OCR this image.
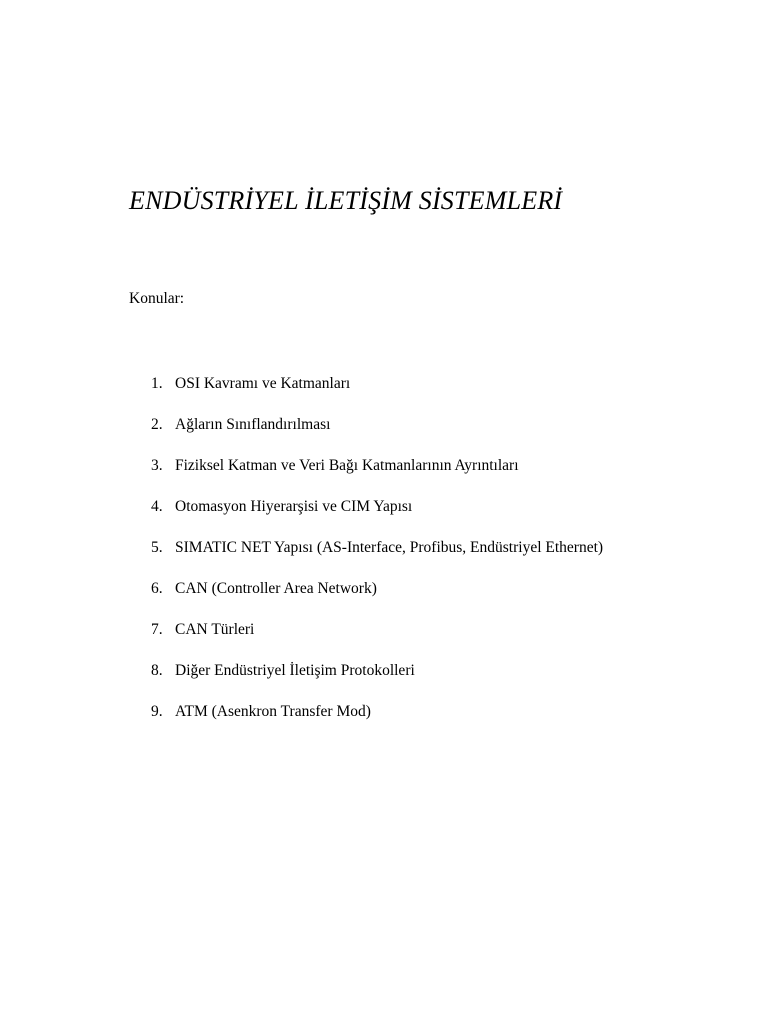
ENDÜSTRİYEL İLETİŞİM SİSTEMLERİ

Konular:

1. OSI Kavramı ve Katmanları
2. Ağların Sınıflandırılması
3. Fiziksel Katman ve Veri Bağı Katmanlarının Ayrıntıları
4. Otomasyon Hiyerarşisi ve CIM Yapısı
5. SIMATIC NET Yapısı (AS-Interface, Profibus, Endüstriyel Ethernet)
6. CAN (Controller Area Network)
7. CAN Türleri
8. Diğer Endüstriyel İletişim Protokolleri
9. ATM (Asenkron Transfer Mod)
